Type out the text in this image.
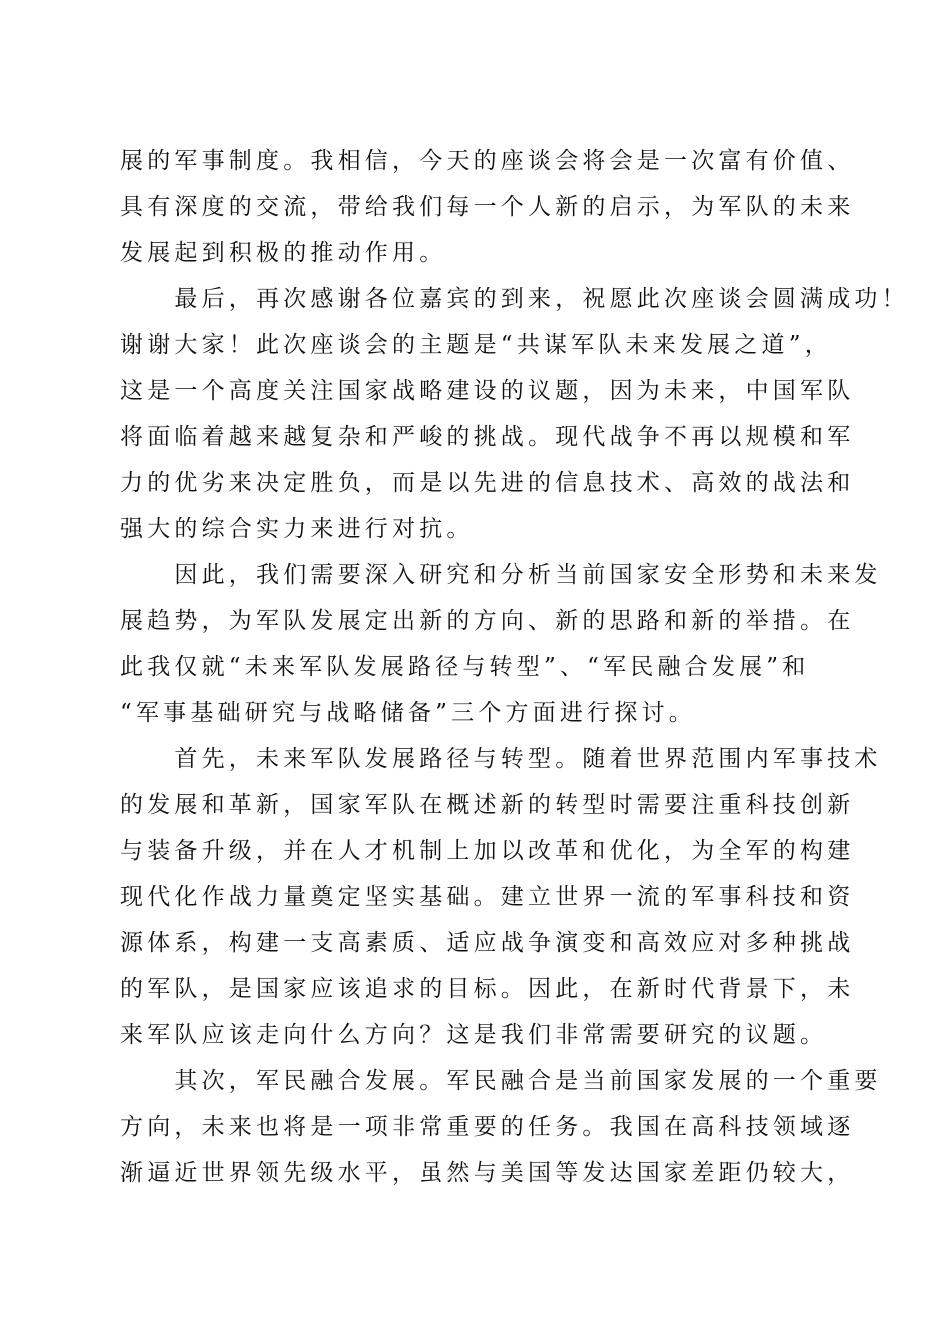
展的军事制度。我相信，今天的座谈会将会是一次富有价值、
具有深度的交流，带给我们每一个人新的启示，为军队的未来
发展起到积极的推动作用。
　　最后，再次感谢各位嘉宾的到来，祝愿此次座谈会圆满成功！
谢谢大家！此次座谈会的主题是“共谋军队未来发展之道”，
这是一个高度关注国家战略建设的议题，因为未来，中国军队
将面临着越来越复杂和严峻的挑战。现代战争不再以规模和军
力的优劣来决定胜负，而是以先进的信息技术、高效的战法和
强大的综合实力来进行对抗。
　　因此，我们需要深入研究和分析当前国家安全形势和未来发
展趋势，为军队发展定出新的方向、新的思路和新的举措。在
此我仅就“未来军队发展路径与转型”、“军民融合发展”和
“军事基础研究与战略储备”三个方面进行探讨。
　　首先，未来军队发展路径与转型。随着世界范围内军事技术
的发展和革新，国家军队在概述新的转型时需要注重科技创新
与装备升级，并在人才机制上加以改革和优化，为全军的构建
现代化作战力量奠定坚实基础。建立世界一流的军事科技和资
源体系，构建一支高素质、适应战争演变和高效应对多种挑战
的军队，是国家应该追求的目标。因此，在新时代背景下，未
来军队应该走向什么方向？这是我们非常需要研究的议题。
　　其次，军民融合发展。军民融合是当前国家发展的一个重要
方向，未来也将是一项非常重要的任务。我国在高科技领域逐
渐逼近世界领先级水平，虽然与美国等发达国家差距仍较大，
